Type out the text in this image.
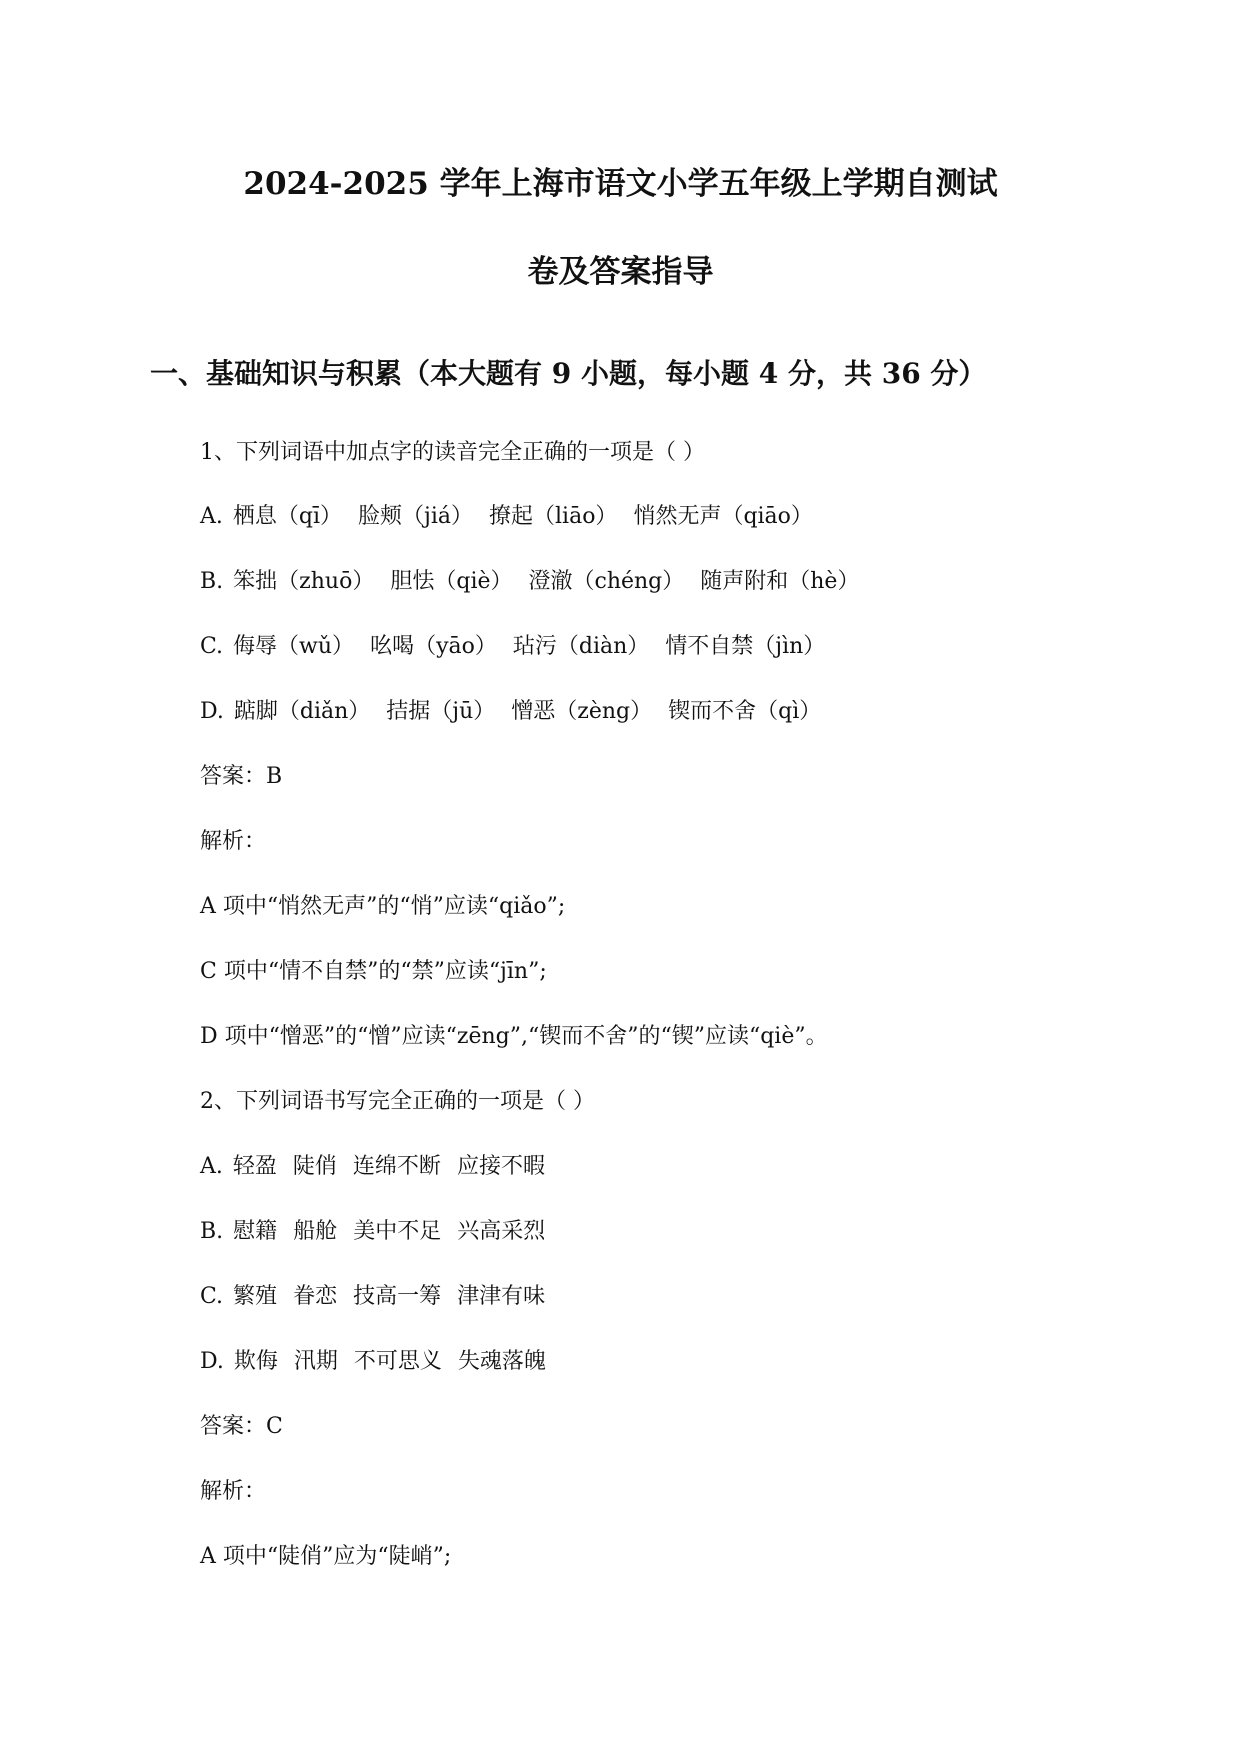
2024-2025 学年上海市语文小学五年级上学期自测试
卷及答案指导
一、基础知识与积累（本大题有 9 小题，每小题 4 分，共 36 分）
1、下列词语中加点字的读音完全正确的一项是（ ）
A. 栖息（qī） 脸颊（jiá） 撩起（liāo） 悄然无声（qiāo）
B. 笨拙（zhuō） 胆怯（qiè） 澄澈（chéng） 随声附和（hè）
C. 侮辱（wǔ） 吆喝（yāo） 玷污（diàn） 情不自禁（jìn）
D. 踮脚（diǎn） 拮据（jū） 憎恶（zèng） 锲而不舍（qì）
答案：B
解析：
A 项中“悄然无声”的“悄”应读“qiǎo”;
C 项中“情不自禁”的“禁”应读“jīn”;
D 项中“憎恶”的“憎”应读“zēng”,“锲而不舍”的“锲”应读“qiè”。
2、下列词语书写完全正确的一项是（ ）
A. 轻盈 陡俏 连绵不断 应接不暇
B. 慰籍 船舱 美中不足 兴高采烈
C. 繁殖 眷恋 技高一筹 津津有味
D. 欺侮 汛期 不可思义 失魂落魄
答案：C
解析：
A 项中“陡俏”应为“陡峭”;
